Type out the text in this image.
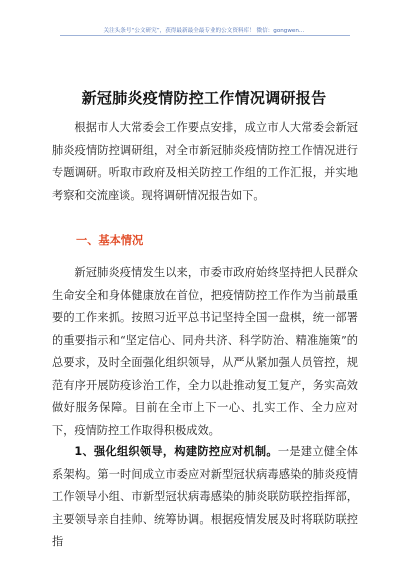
关注头条号“公文研究”，获得最新最全最专业的公文资料库！ 微信：gongwen…
新冠肺炎疫情防控工作情况调研报告

根据市人大常委会工作要点安排，成立市人大常委会新冠肺炎疫情防控调研组，对全市新冠肺炎疫情防控工作情况进行专题调研。听取市政府及相关防控工作组的工作汇报，并实地考察和交流座谈。现将调研情况报告如下。

一、基本情况

新冠肺炎疫情发生以来，市委市政府始终坚持把人民群众生命安全和身体健康放在首位，把疫情防控工作作为当前最重要的工作来抓。按照习近平总书记坚持全国一盘棋，统一部署的重要指示和“坚定信心、同舟共济、科学防治、精准施策”的总要求，及时全面强化组织领导，从严从紧加强人员管控，规范有序开展防疫诊治工作，全力以赴推动复工复产，务实高效做好服务保障。目前在全市上下一心、扎实工作、全力应对下，疫情防控工作取得积极成效。

1、强化组织领导，构建防控应对机制。一是建立健全体系架构。第一时间成立市委应对新型冠状病毒感染的肺炎疫情工作领导小组、市新型冠状病毒感染的肺炎联防联控指挥部，主要领导亲自挂帅、统筹协调。根据疫情发展及时将联防联控指
